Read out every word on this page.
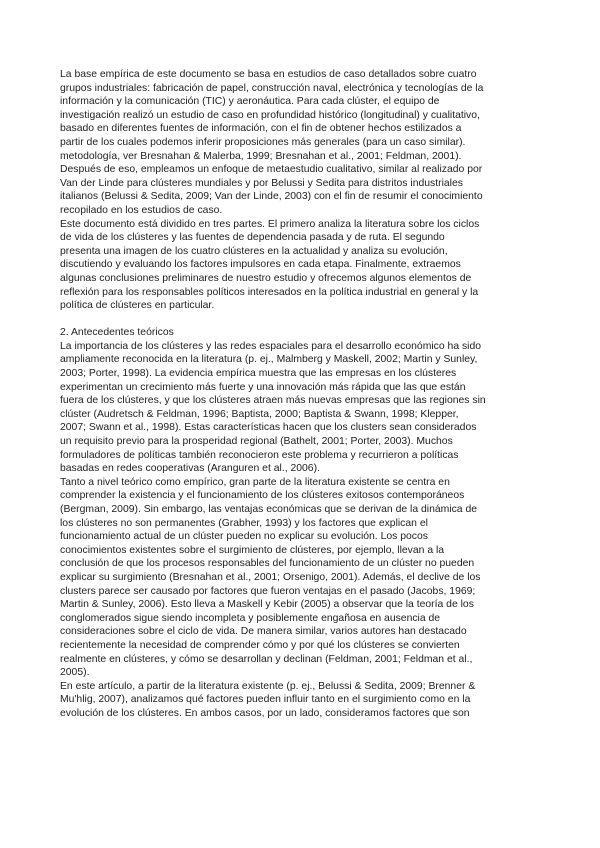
La base empírica de este documento se basa en estudios de caso detallados sobre cuatro
grupos industriales: fabricación de papel, construcción naval, electrónica y tecnologías de la
información y la comunicación (TIC) y aeronáutica. Para cada clúster, el equipo de
investigación realizó un estudio de caso en profundidad histórico (longitudinal) y cualitativo,
basado en diferentes fuentes de información, con el fin de obtener hechos estilizados a
partir de los cuales podemos inferir proposiciones más generales (para un caso similar).
metodología, ver Bresnahan & Malerba, 1999; Bresnahan et al., 2001; Feldman, 2001).
Después de eso, empleamos un enfoque de metaestudio cualitativo, similar al realizado por
Van der Linde para clústeres mundiales y por Belussi y Sedita para distritos industriales
italianos (Belussi & Sedita, 2009; Van der Linde, 2003) con el fin de resumir el conocimiento
recopilado en los estudios de caso.
Este documento está dividido en tres partes. El primero analiza la literatura sobre los ciclos
de vida de los clústeres y las fuentes de dependencia pasada y de ruta. El segundo
presenta una imagen de los cuatro clústeres en la actualidad y analiza su evolución,
discutiendo y evaluando los factores impulsores en cada etapa. Finalmente, extraemos
algunas conclusiones preliminares de nuestro estudio y ofrecemos algunos elementos de
reflexión para los responsables políticos interesados en la política industrial en general y la
política de clústeres en particular.
2. Antecedentes teóricos
La importancia de los clústeres y las redes espaciales para el desarrollo económico ha sido
ampliamente reconocida en la literatura (p. ej., Malmberg y Maskell, 2002; Martin y Sunley,
2003; Porter, 1998). La evidencia empírica muestra que las empresas en los clústeres
experimentan un crecimiento más fuerte y una innovación más rápida que las que están
fuera de los clústeres, y que los clústeres atraen más nuevas empresas que las regiones sin
clúster (Audretsch & Feldman, 1996; Baptista, 2000; Baptista & Swann, 1998; Klepper,
2007; Swann et al., 1998). Estas características hacen que los clusters sean considerados
un requisito previo para la prosperidad regional (Bathelt, 2001; Porter, 2003). Muchos
formuladores de políticas también reconocieron este problema y recurrieron a políticas
basadas en redes cooperativas (Aranguren et al., 2006).
Tanto a nivel teórico como empírico, gran parte de la literatura existente se centra en
comprender la existencia y el funcionamiento de los clústeres exitosos contemporáneos
(Bergman, 2009). Sin embargo, las ventajas económicas que se derivan de la dinámica de
los clústeres no son permanentes (Grabher, 1993) y los factores que explican el
funcionamiento actual de un clúster pueden no explicar su evolución. Los pocos
conocimientos existentes sobre el surgimiento de clústeres, por ejemplo, llevan a la
conclusión de que los procesos responsables del funcionamiento de un clúster no pueden
explicar su surgimiento (Bresnahan et al., 2001; Orsenigo, 2001). Además, el declive de los
clusters parece ser causado por factores que fueron ventajas en el pasado (Jacobs, 1969;
Martin & Sunley, 2006). Esto lleva a Maskell y Kebir (2005) a observar que la teoría de los
conglomerados sigue siendo incompleta y posiblemente engañosa en ausencia de
consideraciones sobre el ciclo de vida. De manera similar, varios autores han destacado
recientemente la necesidad de comprender cómo y por qué los clústeres se convierten
realmente en clústeres, y cómo se desarrollan y declinan (Feldman, 2001; Feldman et al.,
2005).
En este artículo, a partir de la literatura existente (p. ej., Belussi & Sedita, 2009; Brenner &
Mu'hlig, 2007), analizamos qué factores pueden influir tanto en el surgimiento como en la
evolución de los clústeres. En ambos casos, por un lado, consideramos factores que son
